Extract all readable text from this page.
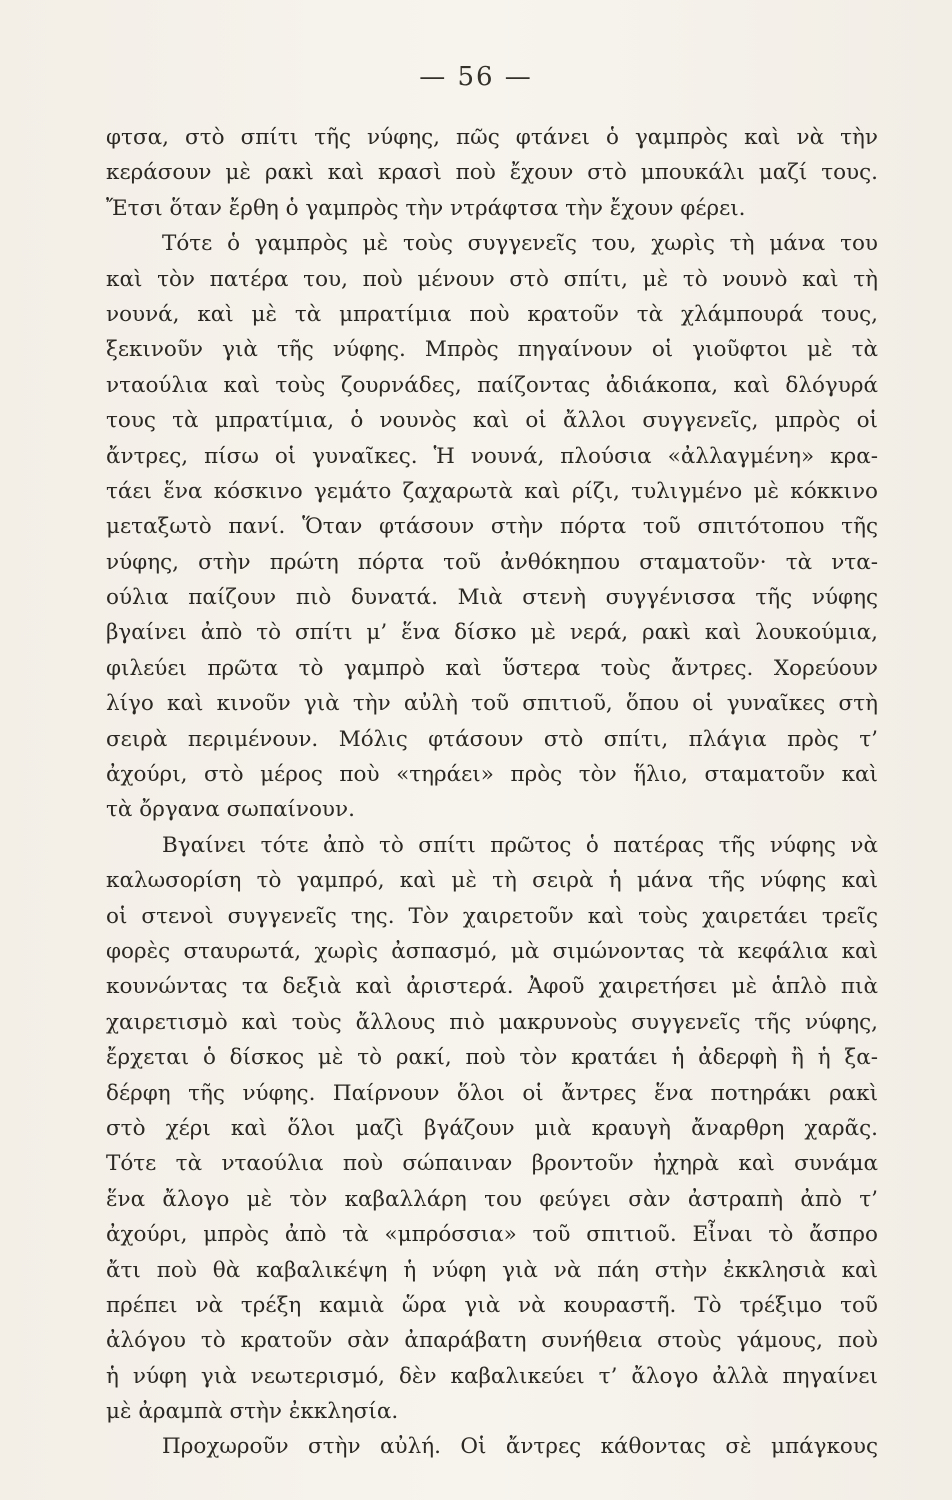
— 56 —
φτσα, στὸ σπίτι τῆς νύφης, πῶς φτάνει ὁ γαμπρὸς καὶ νὰ τὴν
κεράσουν μὲ ρακὶ καὶ κρασὶ ποὺ ἔχουν στὸ μπουκάλι μαζί τους.
Ἔτσι ὅταν ἔρθη ὁ γαμπρὸς τὴν ντράφτσα τὴν ἔχουν φέρει.
Τότε ὁ γαμπρὸς μὲ τοὺς συγγενεῖς του, χωρὶς τὴ μάνα του
καὶ τὸν πατέρα του, ποὺ μένουν στὸ σπίτι, μὲ τὸ νουνὸ καὶ τὴ
νουνά, καὶ μὲ τὰ μπρατίμια ποὺ κρατοῦν τὰ χλάμπουρά τους,
ξεκινοῦν γιὰ τῆς νύφης. Μπρὸς πηγαίνουν οἱ γιοῦφτοι μὲ τὰ
νταούλια καὶ τοὺς ζουρνάδες, παίζοντας ἀδιάκοπα, καὶ δλόγυρά
τους τὰ μπρατίμια, ὁ νουνὸς καὶ οἱ ἄλλοι συγγενεῖς, μπρὸς οἱ
ἄντρες, πίσω οἱ γυναῖκες. Ἡ νουνά, πλούσια «ἀλλαγμένη» κρα-
τάει ἕνα κόσκινο γεμάτο ζαχαρωτὰ καὶ ρίζι, τυλιγμένο μὲ κόκκινο
μεταξωτὸ πανί. Ὅταν φτάσουν στὴν πόρτα τοῦ σπιτότοπου τῆς
νύφης, στὴν πρώτη πόρτα τοῦ ἀνθόκηπου σταματοῦν· τὰ ντα-
ούλια παίζουν πιὸ δυνατά. Μιὰ στενὴ συγγένισσα τῆς νύφης
βγαίνει ἀπὸ τὸ σπίτι μ’ ἕνα δίσκο μὲ νερά, ρακὶ καὶ λουκούμια,
φιλεύει πρῶτα τὸ γαμπρὸ καὶ ὕστερα τοὺς ἄντρες. Χορεύουν
λίγο καὶ κινοῦν γιὰ τὴν αὐλὴ τοῦ σπιτιοῦ, ὅπου οἱ γυναῖκες στὴ
σειρὰ περιμένουν. Μόλις φτάσουν στὸ σπίτι, πλάγια πρὸς τ’
ἀχούρι, στὸ μέρος ποὺ «τηράει» πρὸς τὸν ἥλιο, σταματοῦν καὶ
τὰ ὄργανα σωπαίνουν.
Βγαίνει τότε ἀπὸ τὸ σπίτι πρῶτος ὁ πατέρας τῆς νύφης νὰ
καλωσορίση τὸ γαμπρό, καὶ μὲ τὴ σειρὰ ἡ μάνα τῆς νύφης καὶ
οἱ στενοὶ συγγενεῖς της. Τὸν χαιρετοῦν καὶ τοὺς χαιρετάει τρεῖς
φορὲς σταυρωτά, χωρὶς ἀσπασμό, μὰ σιμώνοντας τὰ κεφάλια καὶ
κουνώντας τα δεξιὰ καὶ ἀριστερά. Ἀφοῦ χαιρετήσει μὲ ἁπλὸ πιὰ
χαιρετισμὸ καὶ τοὺς ἄλλους πιὸ μακρυνοὺς συγγενεῖς τῆς νύφης,
ἔρχεται ὁ δίσκος μὲ τὸ ρακί, ποὺ τὸν κρατάει ἡ ἀδερφὴ ἢ ἡ ξα-
δέρφη τῆς νύφης. Παίρνουν ὅλοι οἱ ἄντρες ἕνα ποτηράκι ρακὶ
στὸ χέρι καὶ ὅλοι μαζὶ βγάζουν μιὰ κραυγὴ ἄναρθρη χαρᾶς.
Τότε τὰ νταούλια ποὺ σώπαιναν βροντοῦν ἠχηρὰ καὶ συνάμα
ἕνα ἄλογο μὲ τὸν καβαλλάρη του φεύγει σὰν ἀστραπὴ ἀπὸ τ’
ἀχούρι, μπρὸς ἀπὸ τὰ «μπρόσσια» τοῦ σπιτιοῦ. Εἶναι τὸ ἄσπρο
ἄτι ποὺ θὰ καβαλικέψη ἡ νύφη γιὰ νὰ πάη στὴν ἐκκλησιὰ καὶ
πρέπει νὰ τρέξη καμιὰ ὥρα γιὰ νὰ κουραστῆ. Τὸ τρέξιμο τοῦ
ἀλόγου τὸ κρατοῦν σὰν ἀπαράβατη συνήθεια στοὺς γάμους, ποὺ
ἡ νύφη γιὰ νεωτερισμό, δὲν καβαλικεύει τ’ ἄλογο ἀλλὰ πηγαίνει
μὲ ἀραμπὰ στὴν ἐκκλησία.
Προχωροῦν στὴν αὐλή. Οἱ ἄντρες κάθοντας σὲ μπάγκους
